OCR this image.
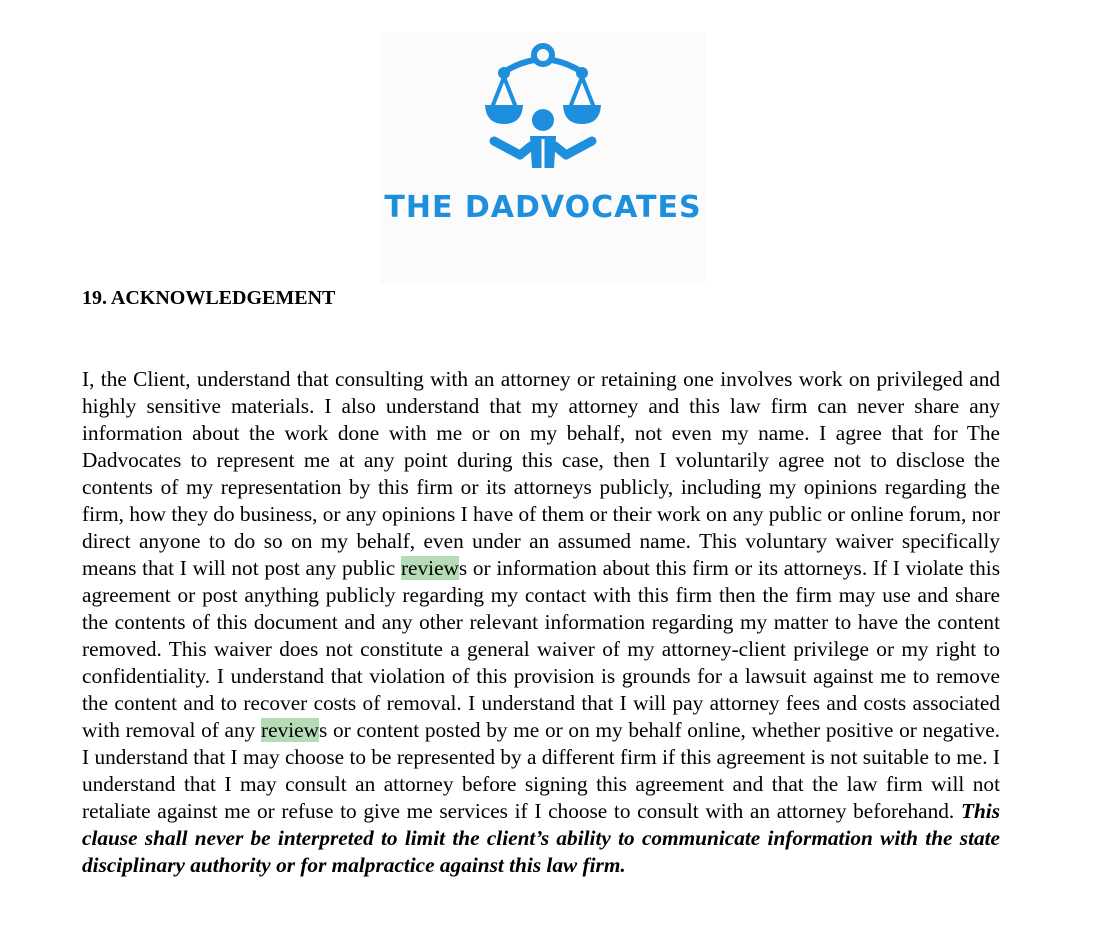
THE DADVOCATES
19. ACKNOWLEDGEMENT

I, the Client, understand that consulting with an attorney or retaining one involves work on privileged and highly sensitive materials. I also understand that my attorney and this law firm can never share any information about the work done with me or on my behalf, not even my name. I agree that for The Dadvocates to represent me at any point during this case, then I voluntarily agree not to disclose the contents of my representation by this firm or its attorneys publicly, including my opinions regarding the firm, how they do business, or any opinions I have of them or their work on any public or online forum, nor direct anyone to do so on my behalf, even under an assumed name. This voluntary waiver specifically means that I will not post any public reviews or information about this firm or its attorneys. If I violate this agreement or post anything publicly regarding my contact with this firm then the firm may use and share the contents of this document and any other relevant information regarding my matter to have the content removed. This waiver does not constitute a general waiver of my attorney-client privilege or my right to confidentiality. I understand that violation of this provision is grounds for a lawsuit against me to remove the content and to recover costs of removal. I understand that I will pay attorney fees and costs associated with removal of any reviews or content posted by me or on my behalf online, whether positive or negative. I understand that I may choose to be represented by a different firm if this agreement is not suitable to me. I understand that I may consult an attorney before signing this agreement and that the law firm will not retaliate against me or refuse to give me services if I choose to consult with an attorney beforehand. This clause shall never be interpreted to limit the client’s ability to communicate information with the state disciplinary authority or for malpractice against this law firm.
